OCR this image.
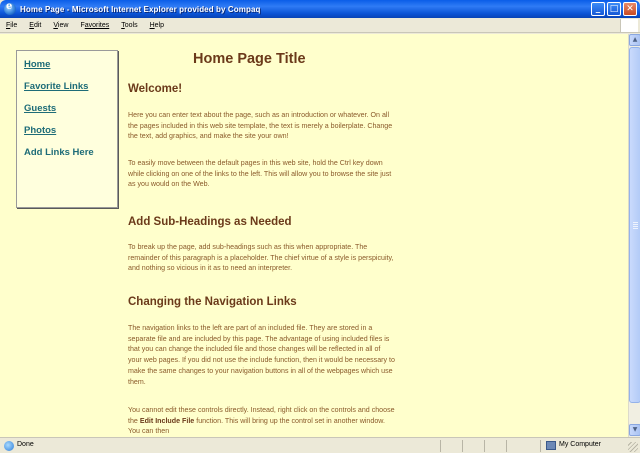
e
Home Page - Microsoft Internet Explorer provided by Compaq	_	□ ✕
File Edit View Favorites Tools Help
Home
Favorite Links
Guests
Photos
Add Links Here
Home Page Title
Welcome!
Here you can enter text about the page, such as an introduction or whatever. On all the pages included in this web site template, the text is merely a boilerplate. Change the text, add graphics, and make the site your own!
To easily move between the default pages in this web site, hold the Ctrl key down while clicking on one of the links to the left. This will allow you to browse the site just as you would on the Web.
Add Sub-Headings as Needed
To break up the page, add sub-headings such as this when appropriate. The remainder of this paragraph is a placeholder. The chief virtue of a style is perspicuity, and nothing so vicious in it as to need an interpreter.
Changing the Navigation Links
The navigation links to the left are part of an included file. They are stored in a separate file and are included by this page. The advantage of using included files is that you can change the included file and those changes will be reflected in all of your web pages. If you did not use the include function, then it would be necessary to make the same changes to your navigation buttons in all of the webpages which use them.
You cannot edit these controls directly. Instead, right click on the controls and choose the Edit Include File function. This will bring up the control set in another window. You can then
▲
▼
Done	My Computer
